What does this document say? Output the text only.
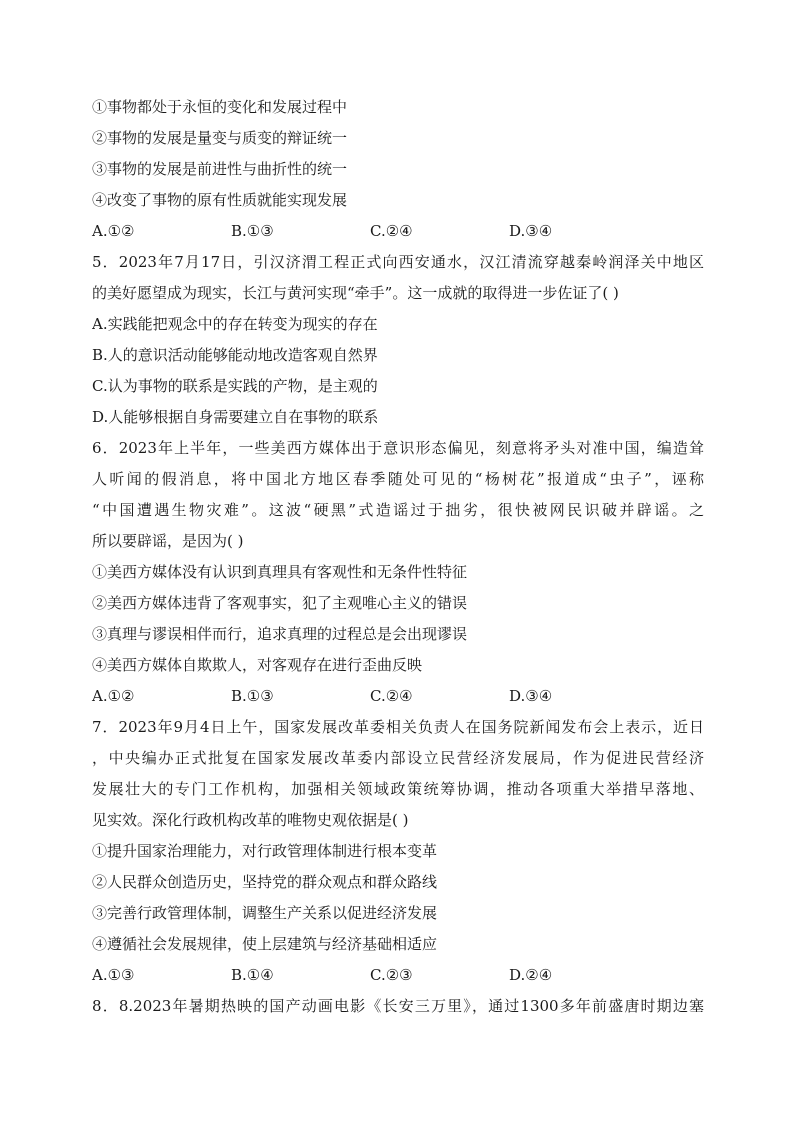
①事物都处于永恒的变化和发展过程中
②事物的发展是量变与质变的辩证统一
③事物的发展是前进性与曲折性的统一
④改变了事物的原有性质就能实现发展
A.①②	B.①③	C.②④	D.③④
5．2023年7月17日，引汉济渭工程正式向西安通水，汉江清流穿越秦岭润泽关中地区
的美好愿望成为现实，长江与黄河实现“牵手”。这一成就的取得进一步佐证了( )
A.实践能把观念中的存在转变为现实的存在
B.人的意识活动能够能动地改造客观自然界
C.认为事物的联系是实践的产物，是主观的
D.人能够根据自身需要建立自在事物的联系
6．2023年上半年，一些美西方媒体出于意识形态偏见，刻意将矛头对准中国，编造耸
人听闻的假消息，将中国北方地区春季随处可见的“杨树花”报道成“虫子”，诬称
“中国遭遇生物灾难”。这波“硬黑”式造谣过于拙劣，很快被网民识破并辟谣。之
所以要辟谣，是因为( )
①美西方媒体没有认识到真理具有客观性和无条件性特征
②美西方媒体违背了客观事实，犯了主观唯心主义的错误
③真理与谬误相伴而行，追求真理的过程总是会出现谬误
④美西方媒体自欺欺人，对客观存在进行歪曲反映
A.①②	B.①③	C.②④	D.③④
7．2023年9月4日上午，国家发展改革委相关负责人在国务院新闻发布会上表示，近日
，中央编办正式批复在国家发展改革委内部设立民营经济发展局，作为促进民营经济
发展壮大的专门工作机构，加强相关领域政策统筹协调，推动各项重大举措早落地、
见实效。深化行政机构改革的唯物史观依据是( )
①提升国家治理能力，对行政管理体制进行根本变革
②人民群众创造历史，坚持党的群众观点和群众路线
③完善行政管理体制，调整生产关系以促进经济发展
④遵循社会发展规律，使上层建筑与经济基础相适应
A.①③	B.①④	C.②③	D.②④
8．8.2023年暑期热映的国产动画电影《长安三万里》，通过1300多年前盛唐时期边塞
